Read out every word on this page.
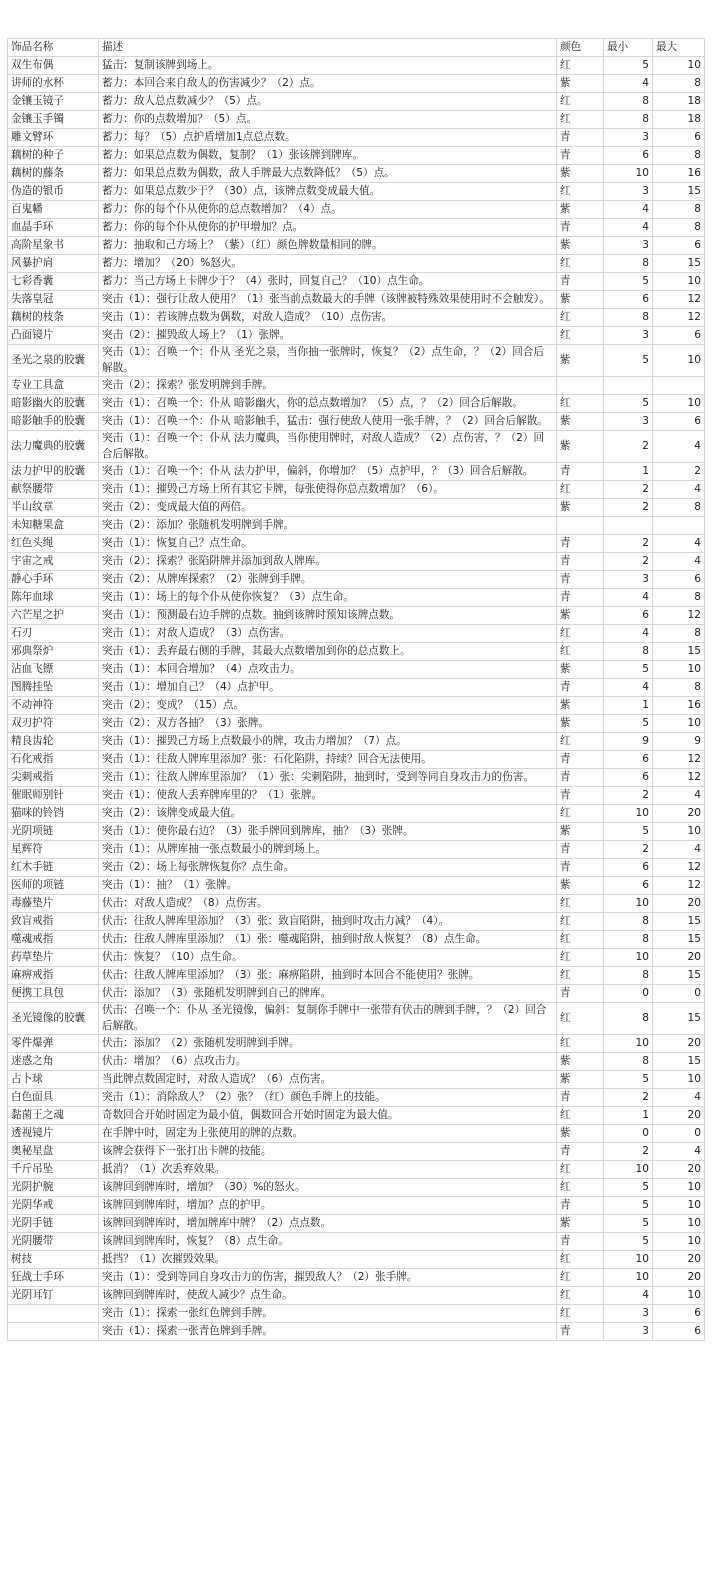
饰品名称	描述	颜色	最小	最大
双生布偶	猛击：复制该牌到场上。	红	5	10
讲师的水杯	蓄力：本回合来自敌人的伤害减少？（2）点。	紫	4	8
金镶玉镜子	蓄力：敌人总点数减少？（5）点。	红	8	18
金镶玉手镯	蓄力：你的点数增加？（5）点。	红	8	18
雕文臂环	蓄力：每？（5）点护盾增加1点总点数。	青	3	6
藕树的种子	蓄力：如果总点数为偶数，复制？（1）张该牌到牌库。	青	6	8
藕树的藤条	蓄力：如果总点数为偶数，敌人手牌最大点数降低？（5）点。	紫	10	16
伪造的银币	蓄力：如果总点数少于？（30）点，该牌点数变成最大值。	红	3	15
百鬼幡	蓄力：你的每个仆从使你的总点数增加？（4）点。	紫	4	8
血晶手环	蓄力：你的每个仆从使你的护甲增加？点。	青	4	8
高阶星象书	蓄力：抽取和己方场上？（紫）（红）颜色牌数量相同的牌。	紫	3	6
风暴护肩	蓄力：增加？（20）%怒火。	红	8	15
七彩香囊	蓄力：当己方场上卡牌少于？（4）张时，回复自己？（10）点生命。	青	5	10
失落皇冠	突击（1）：强行让敌人使用？（1）张当前点数最大的手牌（该牌被特殊效果使用时不会触发）。	紫	6	12
藕树的枝条	突击（1）：若该牌点数为偶数，对敌人造成？（10）点伤害。	红	8	12
凸面镜片	突击（2）：摧毁敌人场上？（1）张牌。	红	3	6
圣光之泉的胶囊	突击（1）：召唤一个：仆从 圣光之泉，当你抽一张牌时，恢复？（2）点生命，？（2）回合后解散。	紫	5	10
专业工具盒	突击（2）：探索？张发明牌到手牌。			
暗影幽火的胶囊	突击（1）：召唤一个：仆从 暗影幽火，你的总点数增加？（5）点，？（2）回合后解散。	红	5	10
暗影触手的胶囊	突击（1）：召唤一个：仆从 暗影触手，猛击：强行使敌人使用一张手牌，？（2）回合后解散。	紫	3	6
法力魔典的胶囊	突击（1）：召唤一个：仆从 法力魔典，当你使用牌时，对敌人造成？（2）点伤害，？（2）回合后解散。	紫	2	4
法力护甲的胶囊	突击（1）：召唤一个：仆从 法力护甲，偏斜，你增加？（5）点护甲，？（3）回合后解散。	青	1	2
献祭腰带	突击（1）：摧毁己方场上所有其它卡牌，每张使得你总点数增加？（6）。	红	2	4
半山纹章	突击（2）：变成最大值的两倍。	紫	2	8
未知糖果盒	突击（2）：添加？张随机发明牌到手牌。			
红色头绳	突击（1）：恢复自己？点生命。	青	2	4
宇宙之戒	突击（2）：探索？张陷阱牌并添加到敌人牌库。	青	2	4
静心手环	突击（2）：从牌库探索？（2）张牌到手牌。	青	3	6
陈年血球	突击（1）：场上的每个仆从使你恢复？（3）点生命。	青	4	8
六芒星之护	突击（1）：预测最右边手牌的点数。抽到该牌时预知该牌点数。	紫	6	12
石刃	突击（1）：对敌人造成？（3）点伤害。	红	4	8
邪典祭炉	突击（1）：丢弃最右侧的手牌，其最大点数增加到你的总点数上。	红	8	15
沾血飞镖	突击（1）：本回合增加？（4）点攻击力。	紫	5	10
图腾挂坠	突击（1）：增加自己？（4）点护甲。	青	4	8
不动神符	突击（2）：变成？（15）点。	紫	1	16
双刃护符	突击（2）：双方各抽？（3）张牌。	紫	5	10
精良齿轮	突击（1）：摧毁己方场上点数最小的牌，攻击力增加？（7）点。	红	9	9
石化戒指	突击（1）：往敌人牌库里添加？张：石化陷阱，持续？回合无法使用。	青	6	12
尖刺戒指	突击（1）：往敌人牌库里添加？（1）张：尖刺陷阱，抽到时，受到等同自身攻击力的伤害。	青	6	12
催眠师别针	突击（1）：使敌人丢弃牌库里的？（1）张牌。	青	2	4
猫咪的铃铛	突击（2）：该牌变成最大值。	红	10	20
光阴项链	突击（1）：使你最右边？（3）张手牌回到牌库，抽？（3）张牌。	紫	5	10
星辉符	突击（1）：从牌库抽一张点数最小的牌到场上。	青	2	4
红木手链	突击（2）：场上每张牌恢复你？点生命。	青	6	12
医师的项链	突击（1）：抽？（1）张牌。	紫	6	12
毒藤垫片	伏击：对敌人造成？（8）点伤害。	红	10	20
致盲戒指	伏击：往敌人牌库里添加？（3）张：致盲陷阱，抽到时攻击力减？（4）。	红	8	15
噬魂戒指	伏击：往敌人牌库里添加？（1）张：噬魂陷阱，抽到时敌人恢复？（8）点生命。	红	8	15
药草垫片	伏击：恢复？（10）点生命。	红	10	20
麻痹戒指	伏击：往敌人牌库里添加？（3）张：麻痹陷阱，抽到时本回合不能使用？张牌。	红	8	15
便携工具包	伏击：添加？（3）张随机发明牌到自己的牌库。	青	0	0
圣光镜像的胶囊	伏击：召唤一个：仆从 圣光镜像，偏斜：复制你手牌中一张带有伏击的牌到手牌，？（2）回合后解散。	红	8	15
零件爆弹	伏击：添加？（2）张随机发明牌到手牌。	红	10	20
迷惑之角	伏击：增加？（6）点攻击力。	紫	8	15
占卜球	当此牌点数固定时，对敌人造成？（6）点伤害。	紫	5	10
白色面具	突击（1）：消除敌人？（2）张？（红）颜色手牌上的技能。	青	2	4
黏菌王之魂	奇数回合开始时固定为最小值，偶数回合开始时固定为最大值。	红	1	20
透视镜片	在手牌中时，固定为上张使用的牌的点数。	紫	0	0
奥秘星盘	该牌会获得下一张打出卡牌的技能。	青	2	4
千斤吊坠	抵消？（1）次丢弃效果。	红	10	20
光阴护腕	该牌回到牌库时，增加？（30）%的怒火。	红	5	10
光阴华戒	该牌回到牌库时，增加？点的护甲。	青	5	10
光阴手链	该牌回到牌库时，增加牌库中牌？（2）点点数。	紫	5	10
光阴腰带	该牌回到牌库时，恢复？（8）点生命。	青	5	10
树技	抵挡？（1）次摧毁效果。	红	10	20
狂战士手环	突击（1）：受到等同自身攻击力的伤害，摧毁敌人？（2）张手牌。	红	10	20
光阴耳钉	该牌回到牌库时，使敌人减少？点生命。	红	4	10
	突击（1）：探索一张红色牌到手牌。	红	3	6
	突击（1）：探索一张青色牌到手牌。	青	3	6
